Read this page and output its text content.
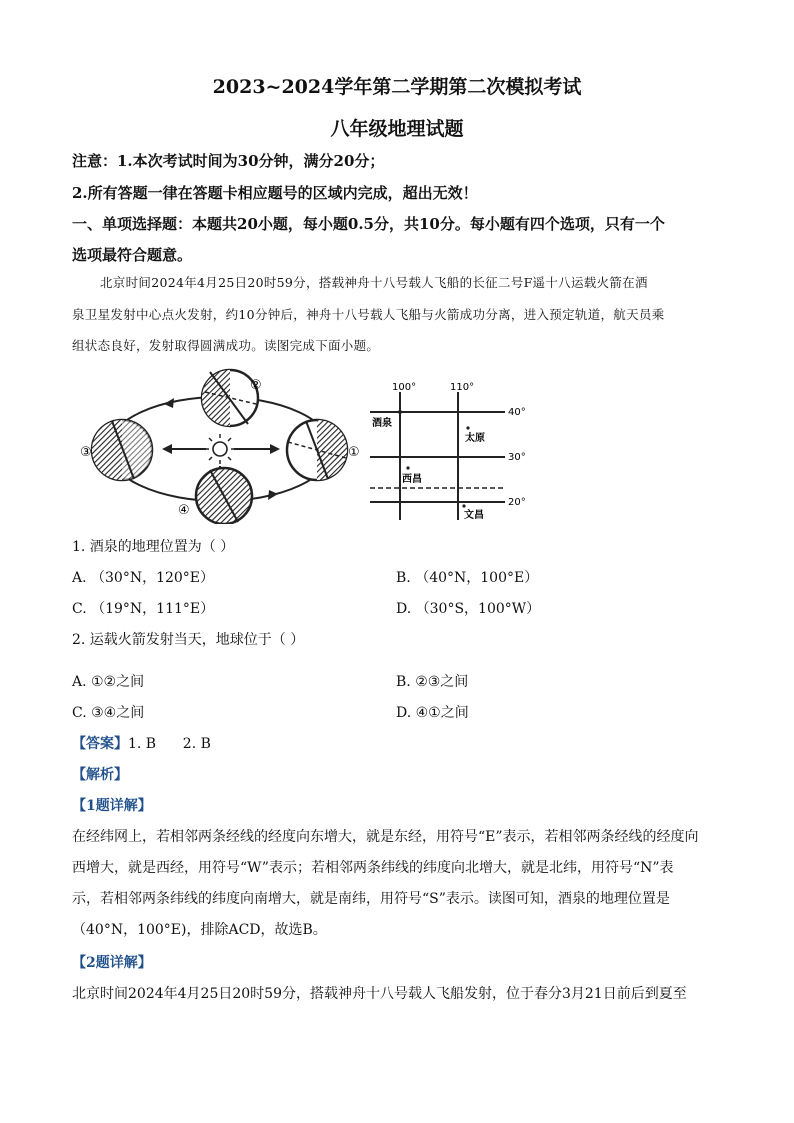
2023~2024学年第二学期第二次模拟考试
八年级地理试题
注意：1.本次考试时间为30分钟，满分20分；
2.所有答题一律在答题卡相应题号的区域内完成，超出无效！
一、单项选择题：本题共20小题，每小题0.5分，共10分。每小题有四个选项，只有一个
选项最符合题意。
北京时间2024年4月25日20时59分，搭载神舟十八号载人飞船的长征二号F遥十八运载火箭在酒
泉卫星发射中心点火发射，约10分钟后，神舟十八号载人飞船与火箭成功分离，进入预定轨道，航天员乘
组状态良好，发射取得圆满成功。读图完成下面小题。
②
③	①
④
100°	110°
40°
30°
20°
酒泉
太原
西昌
文昌
1. 酒泉的地理位置为（ ）
A. （30°N，120°E）	B. （40°N，100°E）
C. （19°N，111°E）	D. （30°S，100°W）
2. 运载火箭发射当天，地球位于（ ）
A. ①②之间	B. ②③之间
C. ③④之间	D. ④①之间
【答案】1. B      2. B
【解析】
【1题详解】
在经纬网上，若相邻两条经线的经度向东增大，就是东经，用符号“E”表示，若相邻两条经线的经度向
西增大，就是西经，用符号“W”表示；若相邻两条纬线的纬度向北增大，就是北纬，用符号“N”表
示，若相邻两条纬线的纬度向南增大，就是南纬，用符号“S”表示。读图可知，酒泉的地理位置是
（40°N，100°E)，排除ACD，故选B。
【2题详解】
北京时间2024年4月25日20时59分，搭载神舟十八号载人飞船发射，位于春分3月21日前后到夏至
